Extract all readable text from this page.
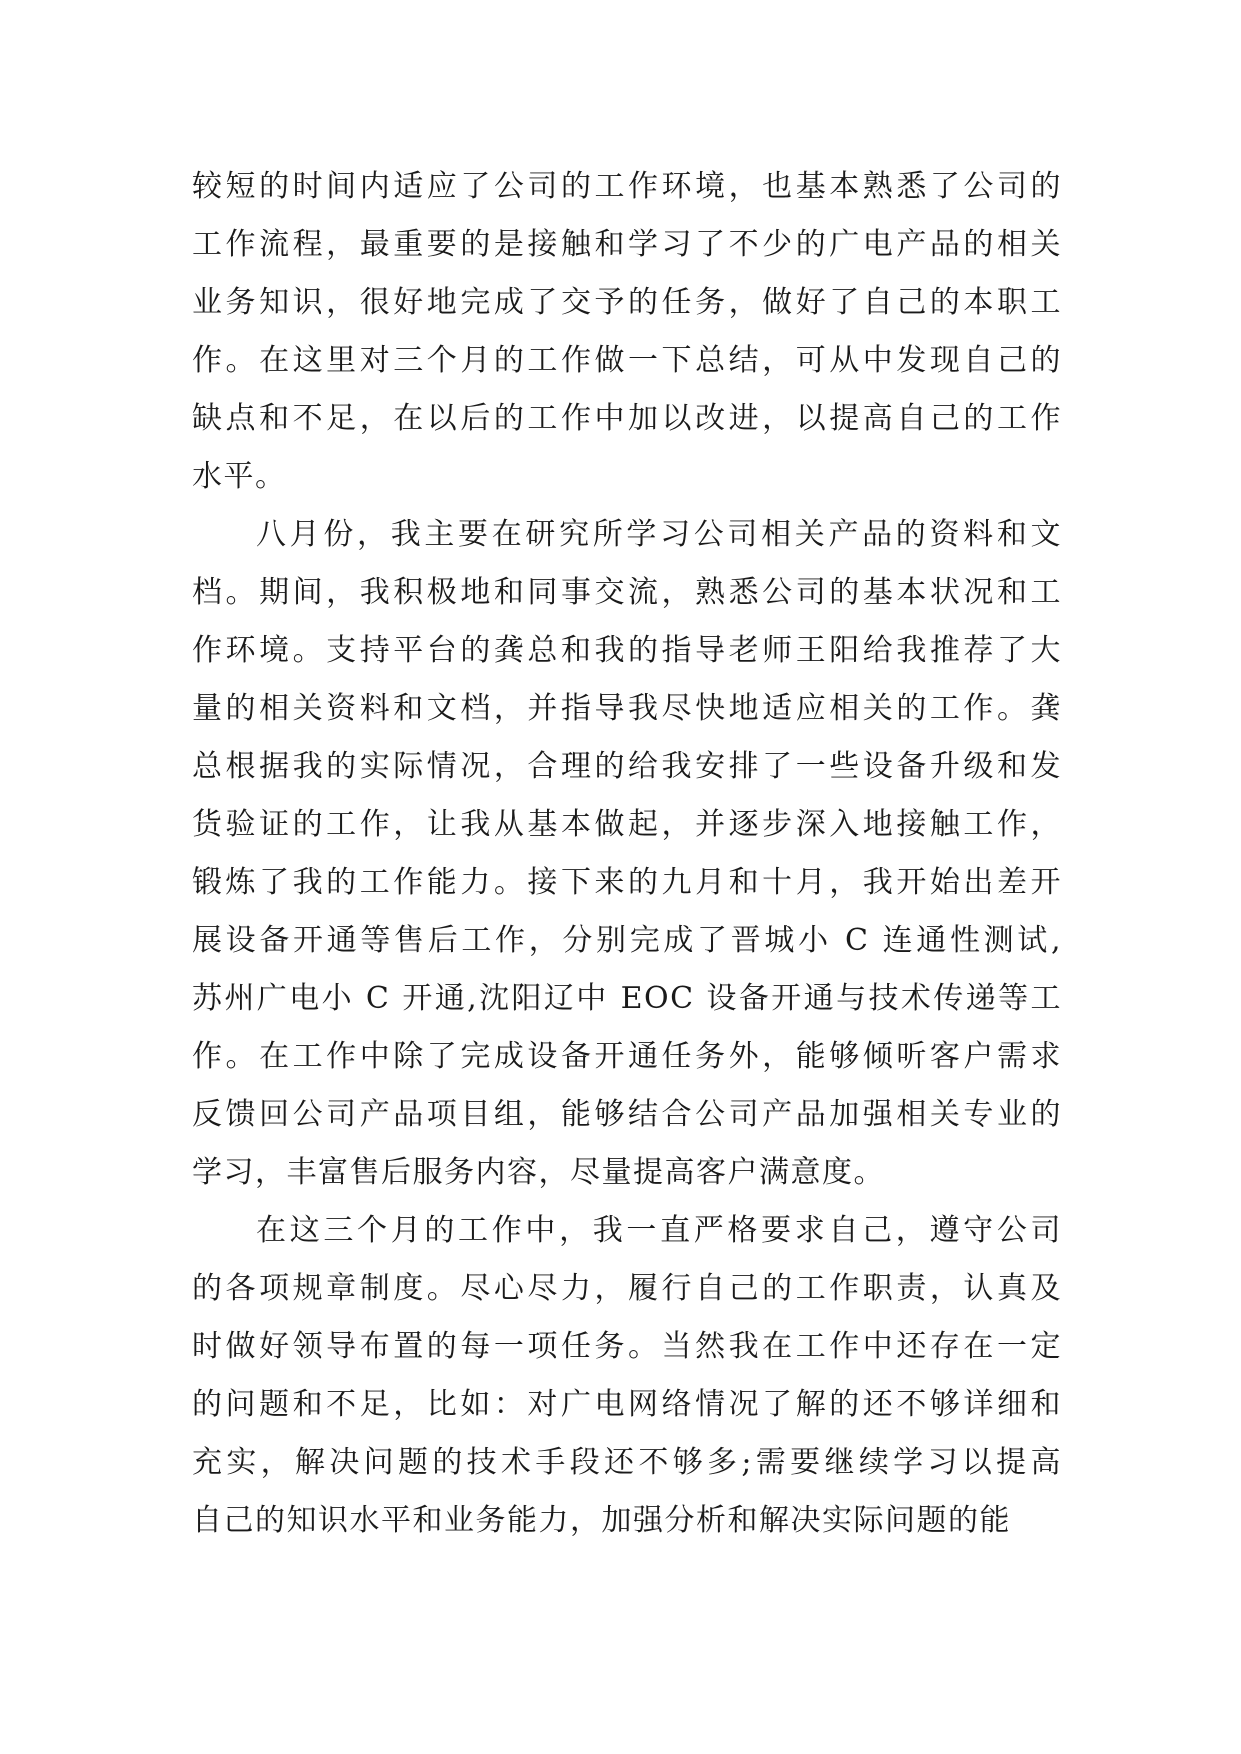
较短的时间内适应了公司的工作环境，也基本熟悉了公司的
工作流程，最重要的是接触和学习了不少的广电产品的相关
业务知识，很好地完成了交予的任务，做好了自己的本职工
作。在这里对三个月的工作做一下总结，可从中发现自己的
缺点和不足，在以后的工作中加以改进，以提高自己的工作
水平。
八月份，我主要在研究所学习公司相关产品的资料和文
档。期间，我积极地和同事交流，熟悉公司的基本状况和工
作环境。支持平台的龚总和我的指导老师王阳给我推荐了大
量的相关资料和文档，并指导我尽快地适应相关的工作。龚
总根据我的实际情况，合理的给我安排了一些设备升级和发
货验证的工作，让我从基本做起，并逐步深入地接触工作，
锻炼了我的工作能力。接下来的九月和十月，我开始出差开
展设备开通等售后工作，分别完成了晋城小 C 连通性测试,
苏州广电小 C 开通,沈阳辽中 EOC 设备开通与技术传递等工
作。在工作中除了完成设备开通任务外，能够倾听客户需求
反馈回公司产品项目组，能够结合公司产品加强相关专业的
学习，丰富售后服务内容，尽量提高客户满意度。
在这三个月的工作中，我一直严格要求自己，遵守公司
的各项规章制度。尽心尽力，履行自己的工作职责，认真及
时做好领导布置的每一项任务。当然我在工作中还存在一定
的问题和不足，比如：对广电网络情况了解的还不够详细和
充实，解决问题的技术手段还不够多;需要继续学习以提高
自己的知识水平和业务能力，加强分析和解决实际问题的能
